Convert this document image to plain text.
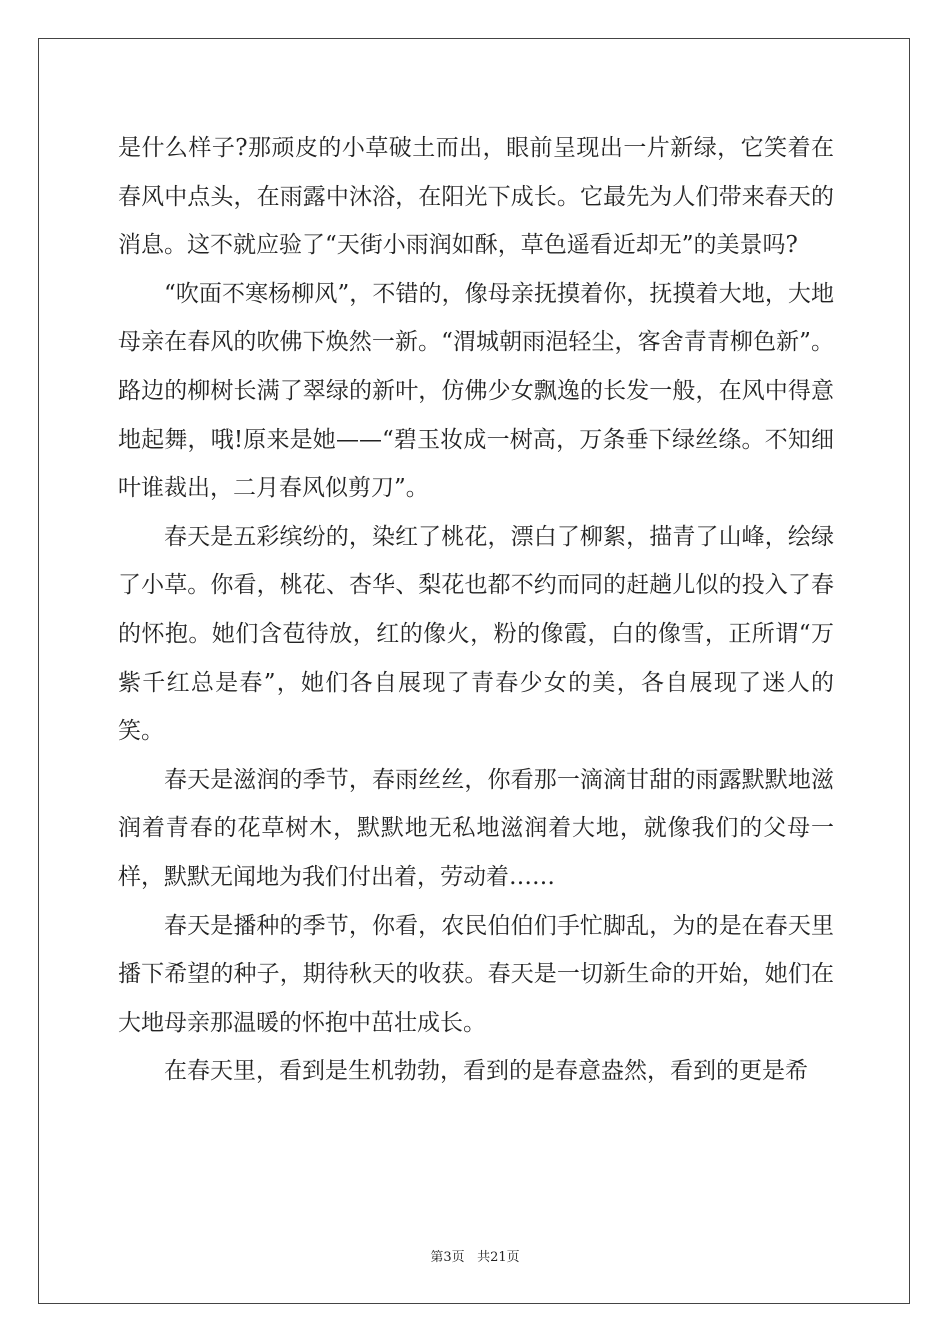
是什么样子?那顽皮的小草破土而出，眼前呈现出一片新绿，它笑着在春风中点头，在雨露中沐浴，在阳光下成长。它最先为人们带来春天的消息。这不就应验了“天街小雨润如酥，草色遥看近却无”的美景吗?

“吹面不寒杨柳风”，不错的，像母亲抚摸着你，抚摸着大地，大地母亲在春风的吹佛下焕然一新。“渭城朝雨浥轻尘，客舍青青柳色新”。路边的柳树长满了翠绿的新叶，仿佛少女飘逸的长发一般，在风中得意地起舞，哦!原来是她——“碧玉妆成一树高，万条垂下绿丝绦。不知细叶谁裁出，二月春风似剪刀”。

春天是五彩缤纷的，染红了桃花，漂白了柳絮，描青了山峰，绘绿了小草。你看，桃花、杏华、梨花也都不约而同的赶趟儿似的投入了春的怀抱。她们含苞待放，红的像火，粉的像霞，白的像雪，正所谓“万紫千红总是春”，她们各自展现了青春少女的美，各自展现了迷人的笑。

春天是滋润的季节，春雨丝丝，你看那一滴滴甘甜的雨露默默地滋润着青春的花草树木，默默地无私地滋润着大地，就像我们的父母一样，默默无闻地为我们付出着，劳动着……

春天是播种的季节，你看，农民伯伯们手忙脚乱，为的是在春天里播下希望的种子，期待秋天的收获。春天是一切新生命的开始，她们在大地母亲那温暖的怀抱中茁壮成长。

在春天里，看到是生机勃勃，看到的是春意盎然，看到的更是希

第3页 共21页
